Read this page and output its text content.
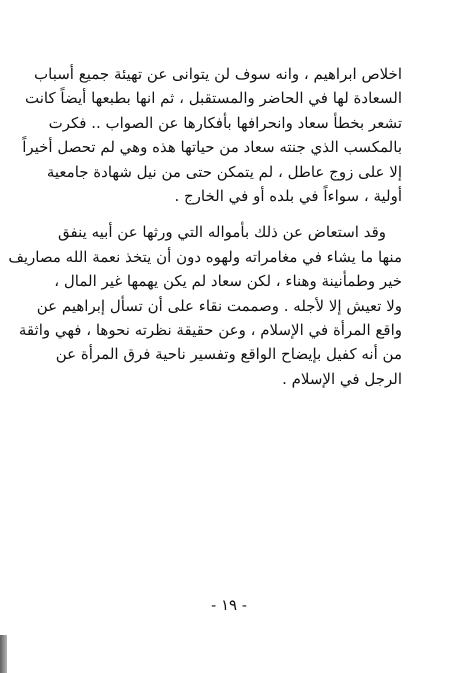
اخلاص ابراهيم ، وانه سوف لن يتوانى عن تهيئة جميع أسباب
السعادة لها في الحاضر والمستقبل ، ثم انها بطبعها أيضاً كانت
تشعر بخطأ سعاد وانحرافها بأفكارها عن الصواب .. فكرت
بالمكسب الذي جنته سعاد من حياتها هذه وهي لم تحصل أخيراً
إلا على زوج عاطل ، لم يتمكن حتى من نيل شهادة جامعية
أولية ، سواءاً في بلده أو في الخارج .

وقد استعاض عن ذلك بأمواله التي ورثها عن أبيه ينفق
منها ما يشاء في مغامراته ولهوه دون أن يتخذ نعمة الله مصاريف
خير وطمأنينة وهناء ، لكن سعاد لم يكن يهمها غير المال ،
ولا تعيش إلا لأجله . وصممت نقاء على أن تسأل إبراهيم عن
واقع المرأة في الإسلام ، وعن حقيقة نظرته نحوها ، فهي واثقة
من أنه كفيل بإيضاح الواقع وتفسير ناحية فرق المرأة عن
الرجل في الإسلام .

- ١٩ -
